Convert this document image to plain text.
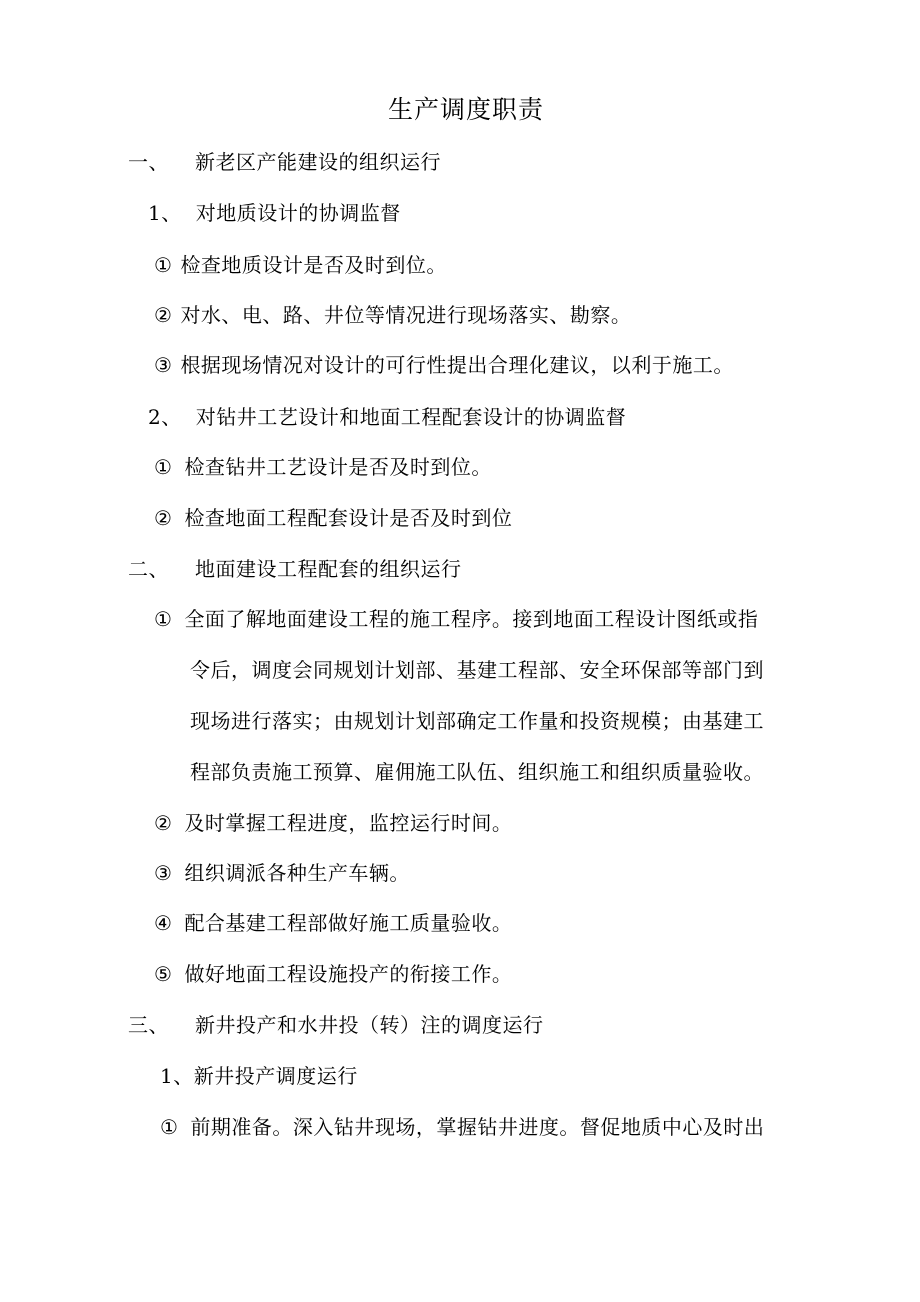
生产调度职责
一、 新老区产能建设的组织运行
1、 对地质设计的协调监督
① 检查地质设计是否及时到位。
② 对水、电、路、井位等情况进行现场落实、勘察。
③ 根据现场情况对设计的可行性提出合理化建议，以利于施工。
2、 对钻井工艺设计和地面工程配套设计的协调监督
① 检查钻井工艺设计是否及时到位。
② 检查地面工程配套设计是否及时到位
二、 地面建设工程配套的组织运行
① 全面了解地面建设工程的施工程序。接到地面工程设计图纸或指
令后，调度会同规划计划部、基建工程部、安全环保部等部门到
现场进行落实；由规划计划部确定工作量和投资规模；由基建工
程部负责施工预算、雇佣施工队伍、组织施工和组织质量验收。
② 及时掌握工程进度，监控运行时间。
③ 组织调派各种生产车辆。
④ 配合基建工程部做好施工质量验收。
⑤ 做好地面工程设施投产的衔接工作。
三、 新井投产和水井投（转）注的调度运行
1、新井投产调度运行
① 前期准备。深入钻井现场，掌握钻井进度。督促地质中心及时出
